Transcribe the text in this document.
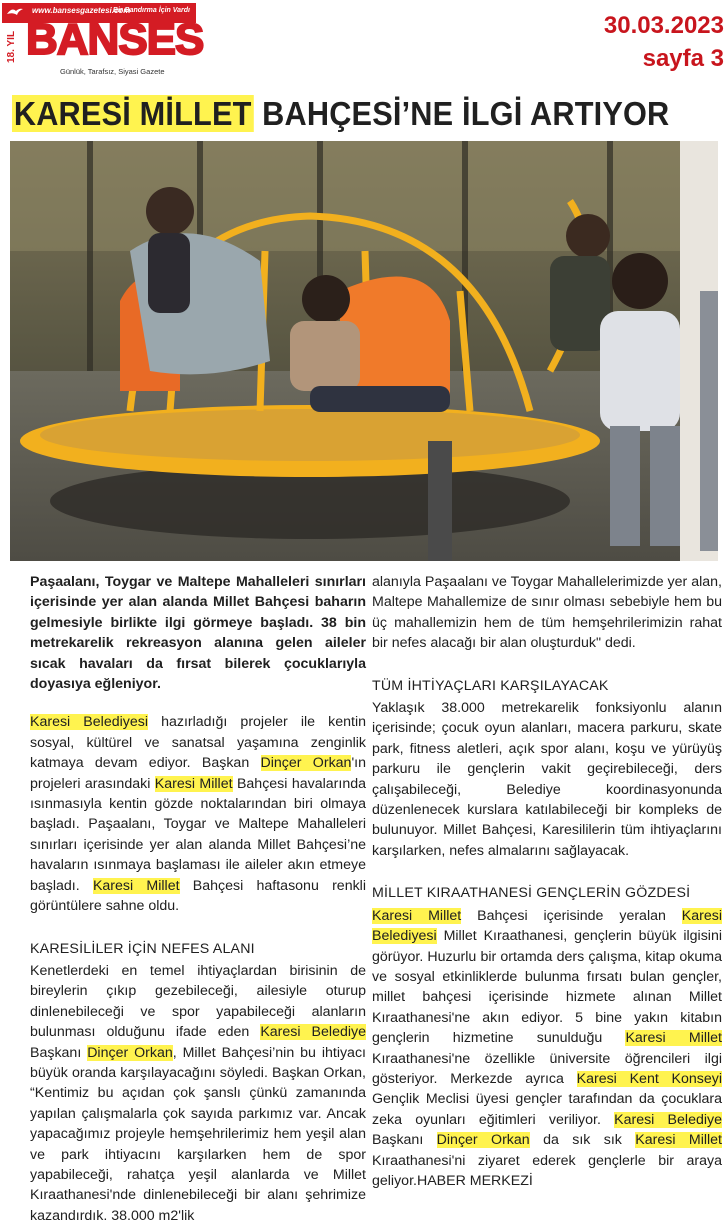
www.bansesgazetesi.com
Bir Bandırma İçin Vardı
18. YIL BANSES
Günlük, Tarafsız, Siyasi Gazete
30.03.2023
sayfa 3
KARESİ MİLLET BAHÇESİ’NE İLGİ ARTIYOR

Paşaalanı, Toygar ve Maltepe Mahalleleri sınırları içerisinde yer alan alanda Millet Bahçesi baharın gelmesiyle birlikte ilgi görmeye başladı. 38 bin metrekarelik rekreasyon alanına gelen aileler sıcak havaları da fırsat bilerek çocuklarıyla doyasıya eğleniyor.

Karesi Belediyesi hazırladığı projeler ile kentin sosyal, kültürel ve sanatsal yaşamına zenginlik katmaya devam ediyor. Başkan Dinçer Orkan'ın projeleri arasındaki Karesi Millet Bahçesi havalarında ısınmasıyla kentin gözde noktalarından biri olmaya başladı. Paşaalanı, Toygar ve Maltepe Mahalleleri sınırları içerisinde yer alan alanda Millet Bahçesi’ne havaların ısınmaya başlaması ile aileler akın etmeye başladı. Karesi Millet Bahçesi haftasonu renkli görüntülere sahne oldu.

KARESİLİLER İÇİN NEFES ALANI

Kenetlerdeki en temel ihtiyaçlardan birisinin de bireylerin çıkıp gezebileceği, ailesiyle oturup dinlenebileceği ve spor yapabileceği alanların bulunması olduğunu ifade eden Karesi Belediye Başkanı Dinçer Orkan, Millet Bahçesi’nin bu ihtiyacı büyük oranda karşılayacağını söyledi. Başkan Orkan, “Kentimiz bu açıdan çok şanslı çünkü zamanında yapılan çalışmalarla çok sayıda parkımız var. Ancak yapacağımız projeyle hemşehrilerimiz hem yeşil alan ve park ihtiyacını karşılarken hem de spor yapabileceği, rahatça yeşil alanlarda ve Millet Kıraathanesi'nde dinlenebileceği bir alanı şehrimize kazandırdık. 38.000 m2'lik

alanıyla Paşaalanı ve Toygar Mahallelerimizde yer alan, Maltepe Mahallemize de sınır olması sebebiyle hem bu üç mahallemizin hem de tüm hemşehrilerimizin rahat bir nefes alacağı bir alan oluşturduk" dedi.

TÜM İHTİYAÇLARI KARŞILAYACAK

Yaklaşık 38.000 metrekarelik fonksiyonlu alanın içerisinde; çocuk oyun alanları, macera parkuru, skate park, fitness aletleri, açık spor alanı, koşu ve yürüyüş parkuru ile gençlerin vakit geçirebileceği, ders çalışabileceği, Belediye koordinasyonunda düzenlenecek kurslara katılabileceği bir kompleks de bulunuyor. Millet Bahçesi, Karesililerin tüm ihtiyaçlarını karşılarken, nefes almalarını sağlayacak.

MİLLET KIRAATHANESİ GENÇLERİN GÖZDESİ

Karesi Millet Bahçesi içerisinde yeralan Karesi Belediyesi Millet Kıraathanesi, gençlerin büyük ilgisini görüyor. Huzurlu bir ortamda ders çalışma, kitap okuma ve sosyal etkinliklerde bulunma fırsatı bulan gençler, millet bahçesi içerisinde hizmete alınan Millet Kıraathanesi'ne akın ediyor. 5 bine yakın kitabın gençlerin hizmetine sunulduğu Karesi Millet Kıraathanesi'ne özellikle üniversite öğrencileri ilgi gösteriyor. Merkezde ayrıca Karesi Kent Konseyi Gençlik Meclisi üyesi gençler tarafından da çocuklara zeka oyunları eğitimleri veriliyor. Karesi Belediye Başkanı Dinçer Orkan da sık sık Karesi Millet Kıraathanesi'ni ziyaret ederek gençlerle bir araya geliyor.HABER MERKEZİ
